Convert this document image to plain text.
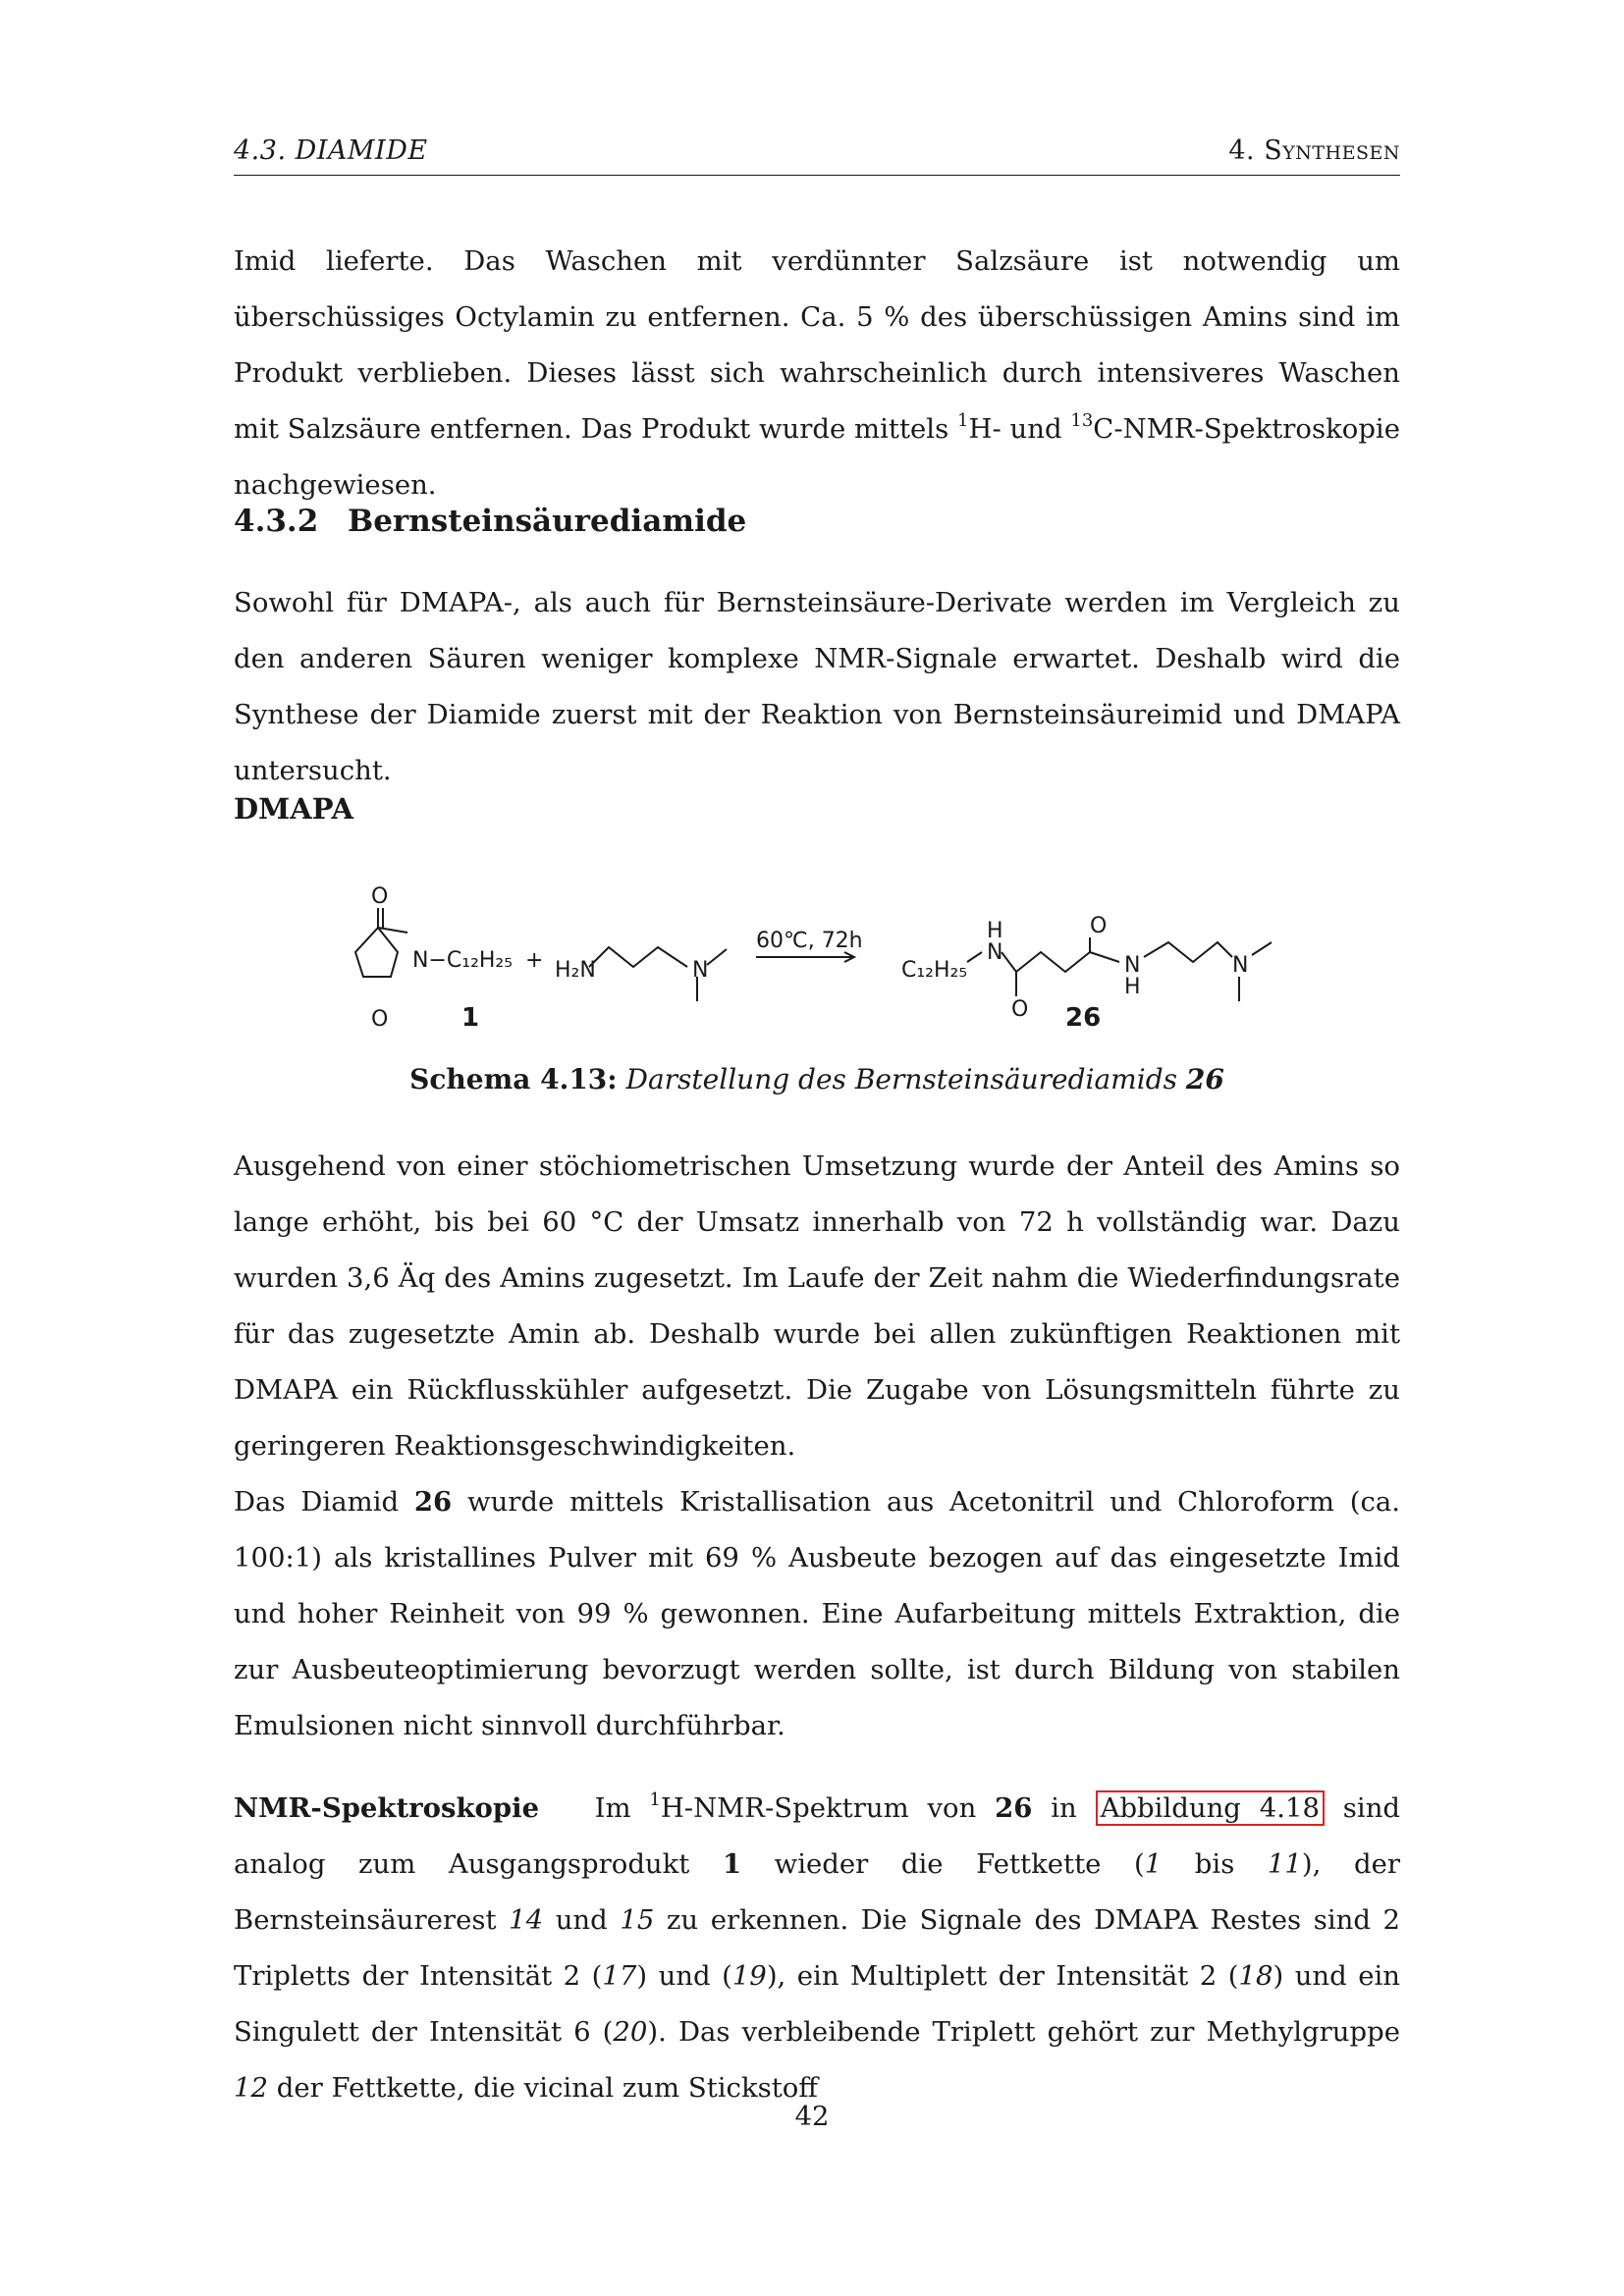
4.3. DIAMIDE	4. Synthesen

Imid lieferte. Das Waschen mit verdünnter Salzsäure ist notwendig um überschüssiges Octylamin zu entfernen. Ca. 5 % des überschüssigen Amins sind im Produkt verblieben. Dieses lässt sich wahrscheinlich durch intensiveres Waschen mit Salzsäure entfernen. Das Produkt wurde mittels $^1$H- und $^{13}$C-NMR-Spektroskopie nachgewiesen.

4.3.2 Bernsteinsäurediamide

Sowohl für DMAPA-, als auch für Bernsteinsäure-Derivate werden im Vergleich zu den anderen Säuren weniger komplexe NMR-Signale erwartet. Deshalb wird die Synthese der Diamide zuerst mit der Reaktion von Bernsteinsäureimid und DMAPA untersucht.

DMAPA
O
O
N−C₁₂H₂₅ + H₂N	N
60℃, 72h
C₁₂H₂₅
H
N
O
O
N
H
N
1	26

Schema 4.13: Darstellung des Bernsteinsäurediamids 26

Ausgehend von einer stöchiometrischen Umsetzung wurde der Anteil des Amins so lange erhöht, bis bei 60 °C der Umsatz innerhalb von 72 h vollständig war. Dazu wurden 3,6 Äq des Amins zugesetzt. Im Laufe der Zeit nahm die Wiederfindungsrate für das zugesetzte Amin ab. Deshalb wurde bei allen zukünftigen Reaktionen mit DMAPA ein Rückflusskühler aufgesetzt. Die Zugabe von Lösungsmitteln führte zu geringeren Reaktionsgeschwindigkeiten.

Das Diamid 26 wurde mittels Kristallisation aus Acetonitril und Chloroform (ca. 100:1) als kristallines Pulver mit 69 % Ausbeute bezogen auf das eingesetzte Imid und hoher Reinheit von 99 % gewonnen. Eine Aufarbeitung mittels Extraktion, die zur Ausbeuteoptimierung bevorzugt werden sollte, ist durch Bildung von stabilen Emulsionen nicht sinnvoll durchführbar.

NMR-Spektroskopie Im $^1$H-NMR-Spektrum von 26 in Abbildung 4.18 sind analog zum Ausgangsprodukt 1 wieder die Fettkette (1 bis 11), der Bernsteinsäurerest 14 und 15 zu erkennen. Die Signale des DMAPA Restes sind 2 Tripletts der Intensität 2 (17) und (19), ein Multiplett der Intensität 2 (18) und ein Singulett der Intensität 6 (20). Das verbleibende Triplett gehört zur Methylgruppe 12 der Fettkette, die vicinal zum Stickstoff

42
